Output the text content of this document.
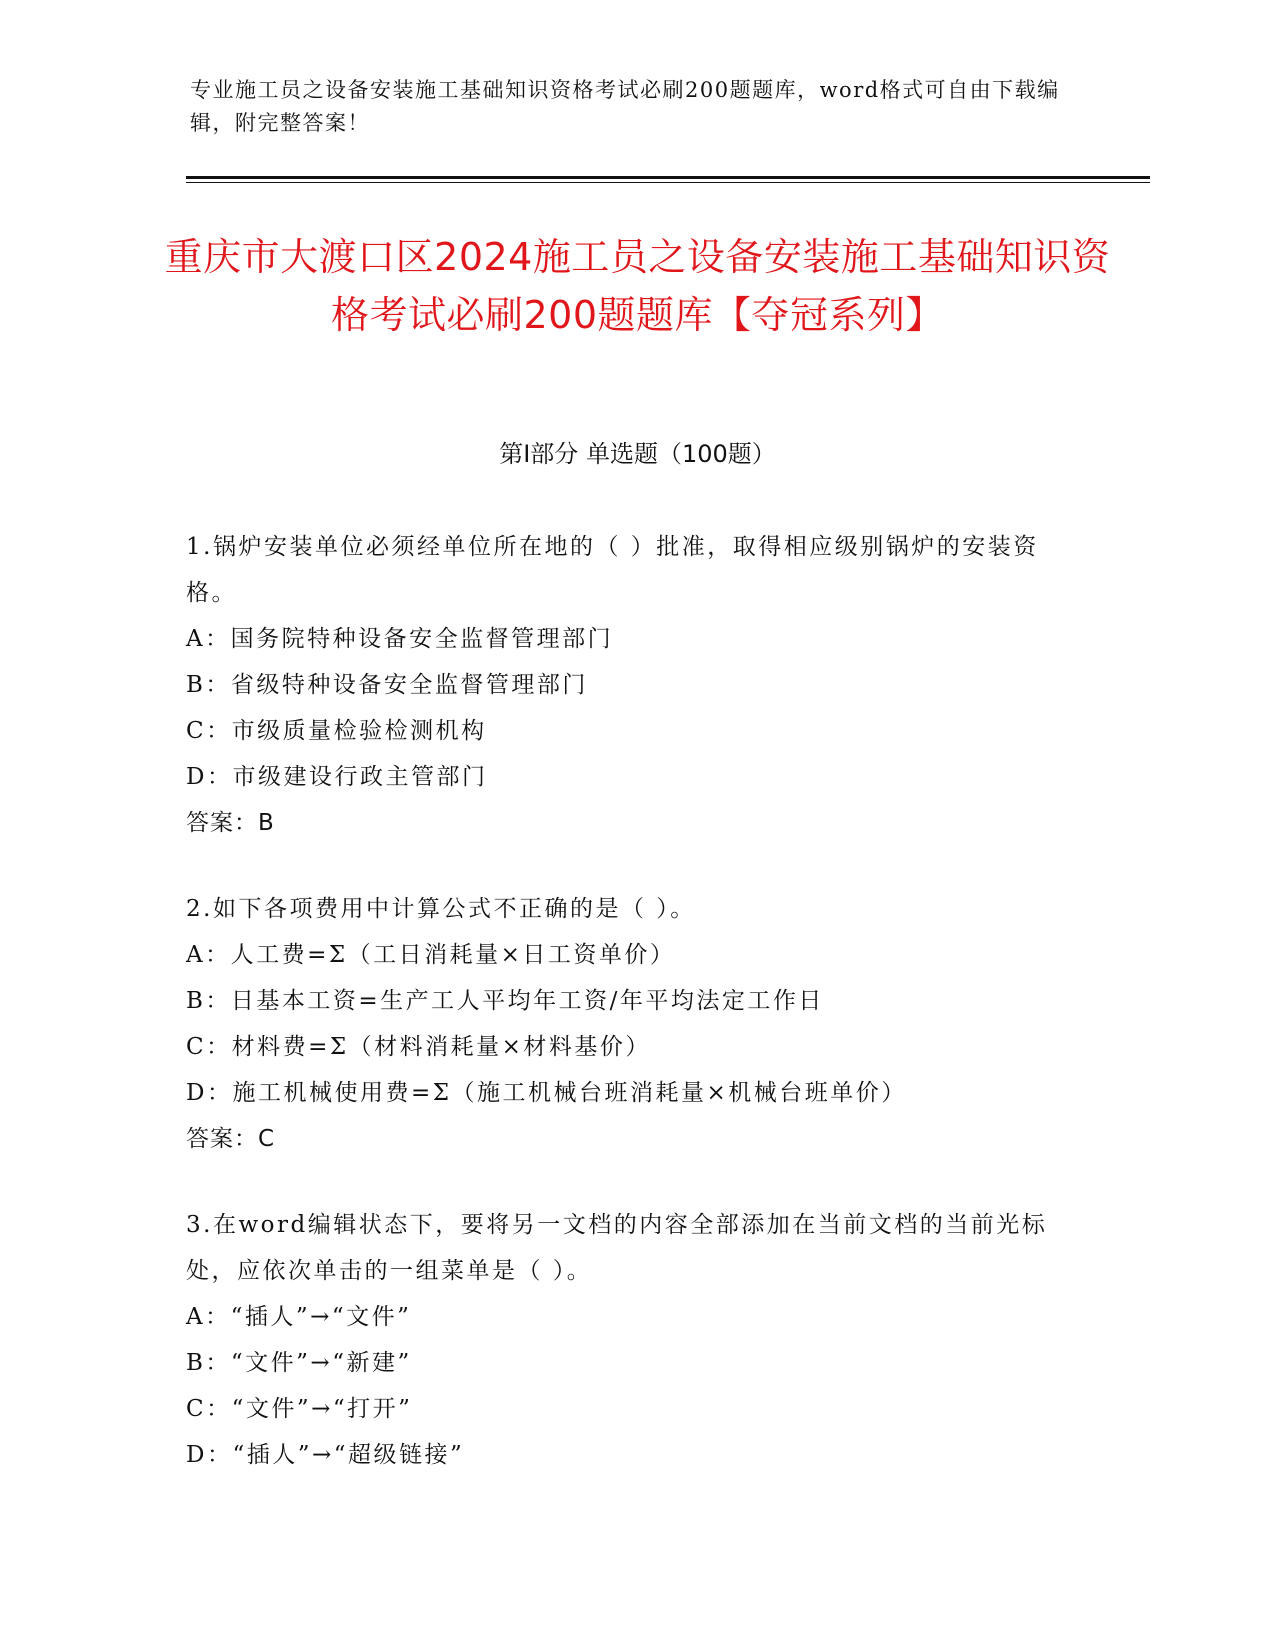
专业施工员之设备安装施工基础知识资格考试必刷200题题库，word格式可自由下载编辑，附完整答案！
重庆市大渡口区2024施工员之设备安装施工基础知识资格考试必刷200题题库【夺冠系列】
第Ⅰ部分 单选题（100题）
1.锅炉安装单位必须经单位所在地的（ ）批准，取得相应级别锅炉的安装资格。
A：国务院特种设备安全监督管理部门
B：省级特种设备安全监督管理部门
C：市级质量检验检测机构
D：市级建设行政主管部门
答案：B
2.如下各项费用中计算公式不正确的是（ ）。
A：人工费=Σ（工日消耗量×日工资单价）
B：日基本工资=生产工人平均年工资/年平均法定工作日
C：材料费=Σ（材料消耗量×材料基价）
D：施工机械使用费=Σ（施工机械台班消耗量×机械台班单价）
答案：C
3.在word编辑状态下，要将另一文档的内容全部添加在当前文档的当前光标处，应依次单击的一组菜单是（ ）。
A：“插人”→“文件”
B：“文件”→“新建”
C：“文件”→“打开”
D：“插人”→“超级链接”
